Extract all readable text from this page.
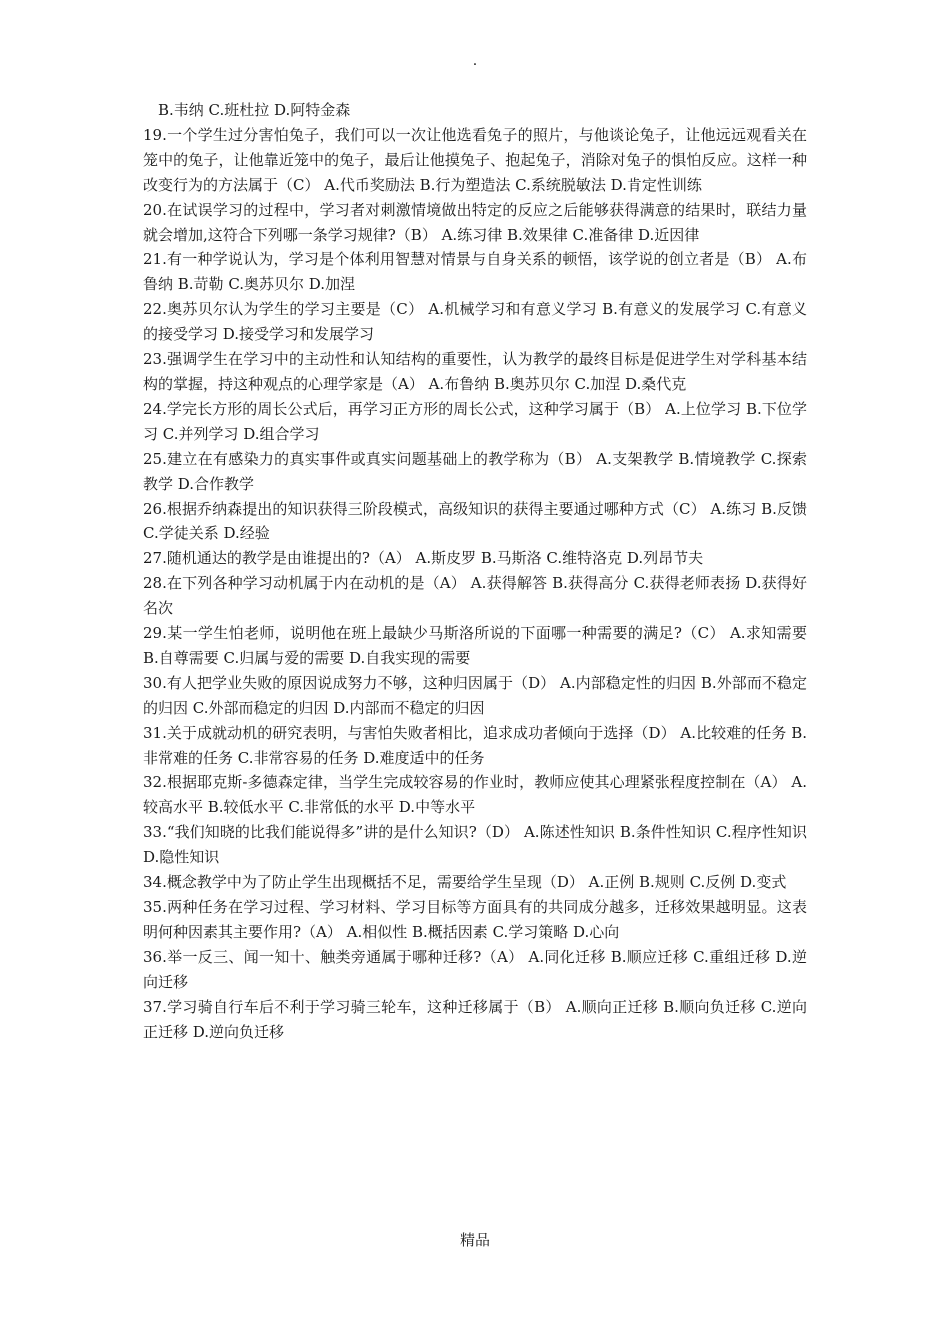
.

B.韦纳 C.班杜拉 D.阿特金森

19.一个学生过分害怕兔子，我们可以一次让他选看兔子的照片，与他谈论兔子，让他远远观看关在笼中的兔子，让他靠近笼中的兔子，最后让他摸兔子、抱起兔子，消除对兔子的惧怕反应。这样一种改变行为的方法属于（C） A.代币奖励法 B.行为塑造法 C.系统脱敏法 D.肯定性训练

20.在试误学习的过程中，学习者对刺激情境做出特定的反应之后能够获得满意的结果时，联结力量就会增加,这符合下列哪一条学习规律?（B） A.练习律 B.效果律 C.准备律 D.近因律

21.有一种学说认为，学习是个体利用智慧对情景与自身关系的顿悟，该学说的创立者是（B） A.布鲁纳 B.苛勒 C.奥苏贝尔 D.加涅

22.奥苏贝尔认为学生的学习主要是（C） A.机械学习和有意义学习 B.有意义的发展学习 C.有意义的接受学习 D.接受学习和发展学习

23.强调学生在学习中的主动性和认知结构的重要性，认为教学的最终目标是促进学生对学科基本结构的掌握，持这种观点的心理学家是（A） A.布鲁纳 B.奥苏贝尔 C.加涅 D.桑代克

24.学完长方形的周长公式后，再学习正方形的周长公式，这种学习属于（B） A.上位学习 B.下位学习 C.并列学习 D.组合学习

25.建立在有感染力的真实事件或真实问题基础上的教学称为（B） A.支架教学 B.情境教学 C.探索教学 D.合作教学

26.根据乔纳森提出的知识获得三阶段模式，高级知识的获得主要通过哪种方式（C） A.练习 B.反馈 C.学徒关系 D.经验

27.随机通达的教学是由谁提出的?（A） A.斯皮罗 B.马斯洛 C.维特洛克 D.列昂节夫

28.在下列各种学习动机属于内在动机的是（A） A.获得解答 B.获得高分 C.获得老师表扬 D.获得好名次

29.某一学生怕老师，说明他在班上最缺少马斯洛所说的下面哪一种需要的满足?（C） A.求知需要 B.自尊需要 C.归属与爱的需要 D.自我实现的需要

30.有人把学业失败的原因说成努力不够，这种归因属于（D） A.内部稳定性的归因 B.外部而不稳定的归因 C.外部而稳定的归因 D.内部而不稳定的归因

31.关于成就动机的研究表明，与害怕失败者相比，追求成功者倾向于选择（D） A.比较难的任务 B.非常难的任务 C.非常容易的任务 D.难度适中的任务

32.根据耶克斯-多德森定律，当学生完成较容易的作业时，教师应使其心理紧张程度控制在（A） A.较高水平 B.较低水平 C.非常低的水平 D.中等水平

33.“我们知晓的比我们能说得多”讲的是什么知识?（D） A.陈述性知识 B.条件性知识 C.程序性知识 D.隐性知识

34.概念教学中为了防止学生出现概括不足，需要给学生呈现（D） A.正例 B.规则 C.反例 D.变式

35.两种任务在学习过程、学习材料、学习目标等方面具有的共同成分越多，迁移效果越明显。这表明何种因素其主要作用?（A） A.相似性 B.概括因素 C.学习策略 D.心向

36.举一反三、闻一知十、触类旁通属于哪种迁移?（A） A.同化迁移 B.顺应迁移 C.重组迁移 D.逆向迁移

37.学习骑自行车后不利于学习骑三轮车，这种迁移属于（B） A.顺向正迁移 B.顺向负迁移 C.逆向正迁移 D.逆向负迁移

精品
